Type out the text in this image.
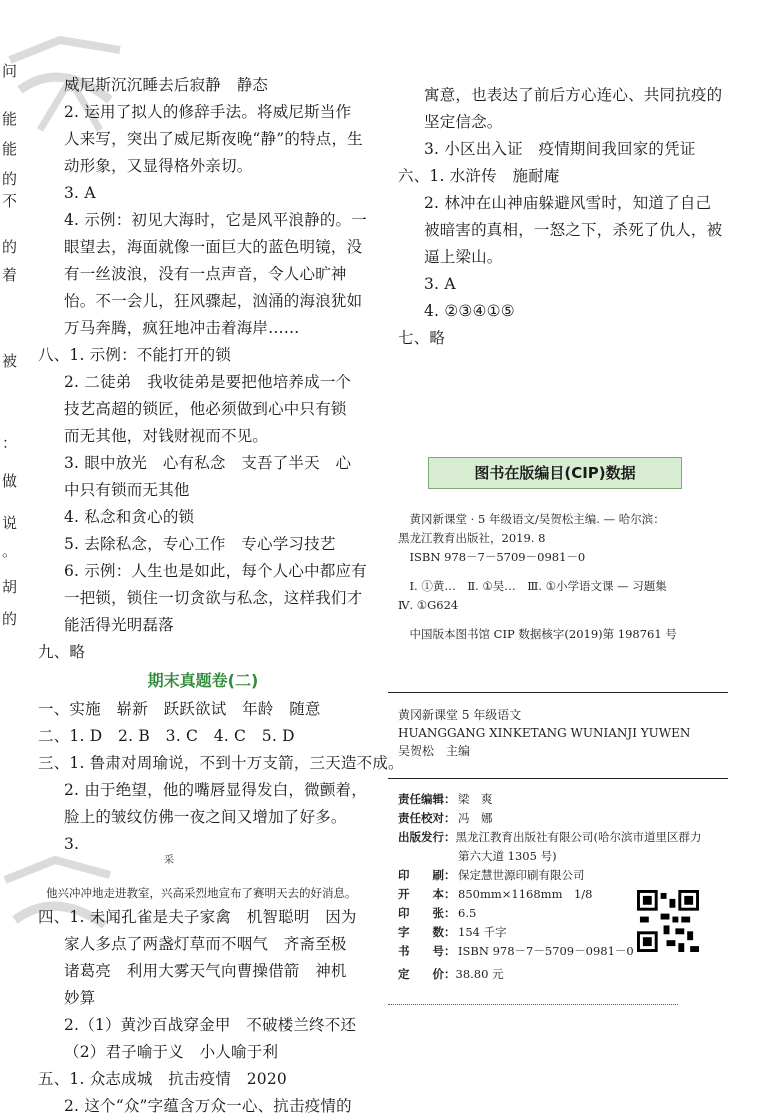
问
能
能
的
不
的
着
被
：
做
说
。
胡
的
威尼斯沉沉睡去后寂静　静态
2. 运用了拟人的修辞手法。将威尼斯当作
人来写，突出了威尼斯夜晚“静”的特点，生
动形象，又显得格外亲切。
3. A
4. 示例：初见大海时，它是风平浪静的。一
眼望去，海面就像一面巨大的蓝色明镜，没
有一丝波浪，没有一点声音，令人心旷神
怡。不一会儿，狂风骤起，汹涌的海浪犹如
万马奔腾，疯狂地冲击着海岸……
八、1. 示例：不能打开的锁
2. 二徒弟　我收徒弟是要把他培养成一个
技艺高超的锁匠，他必须做到心中只有锁
而无其他，对钱财视而不见。
3. 眼中放光　心有私念　支吾了半天　心
中只有锁而无其他
4. 私念和贪心的锁
5. 去除私念，专心工作　专心学习技艺
6. 示例：人生也是如此，每个人心中都应有
一把锁，锁住一切贪欲与私念，这样我们才
能活得光明磊落
九、略
期末真题卷(二)
一、实施　崭新　跃跃欲试　年龄　随意
二、1. D　2. B　3. C　4. C　5. D
三、1. 鲁肃对周瑜说，不到十万支箭，三天造不成。
2. 由于绝望，他的嘴唇显得发白，微颤着，
脸上的皱纹仿佛一夜之间又增加了好多。
3.
采
他兴冲冲地走进教室，兴高采烈地宣布了赛明天去的好消息。
四、1. 未闻孔雀是夫子家禽　机智聪明　因为
家人多点了两盏灯草而不咽气　齐斋至极
诸葛亮　利用大雾天气向曹操借箭　神机
妙算
2.（1）黄沙百战穿金甲　不破楼兰终不还
（2）君子喻于义　小人喻于利
五、1. 众志成城　抗击疫情　2020
2. 这个“众”字蕴含万众一心、抗击疫情的
寓意，也表达了前后方心连心、共同抗疫的
坚定信念。
3. 小区出入证　疫情期间我回家的凭证
六、1. 水浒传　施耐庵
2. 林冲在山神庙躲避风雪时，知道了自己
被暗害的真相，一怒之下，杀死了仇人，被
逼上梁山。
3. A
4. ②③④①⑤
七、略
图书在版编目(CIP)数据
　黄冈新课堂 · 5 年级语文/吴贺松主编. — 哈尔滨：
黑龙江教育出版社，2019. 8
　ISBN 978－7－5709－0981－0
　Ⅰ. ①黄…　Ⅱ. ①吴…　Ⅲ. ①小学语文课 — 习题集
Ⅳ. ①G624
　中国版本图书馆 CIP 数据核字(2019)第 198761 号
黄冈新课堂 5 年级语文
HUANGGANG XINKETANG WUNIANJI YUWEN
吴贺松　主编
责任编辑： 梁　爽
责任校对： 冯　娜
出版发行： 黑龙江教育出版社有限公司(哈尔滨市道里区群力
第六大道 1305 号)
印　　刷： 保定慧世源印刷有限公司
开　　本： 850mm×1168mm　1/8
印　　张： 6.5
字　　数： 154 千字
书　　号： ISBN 978－7－5709－0981－0
定　　价：38.80 元
